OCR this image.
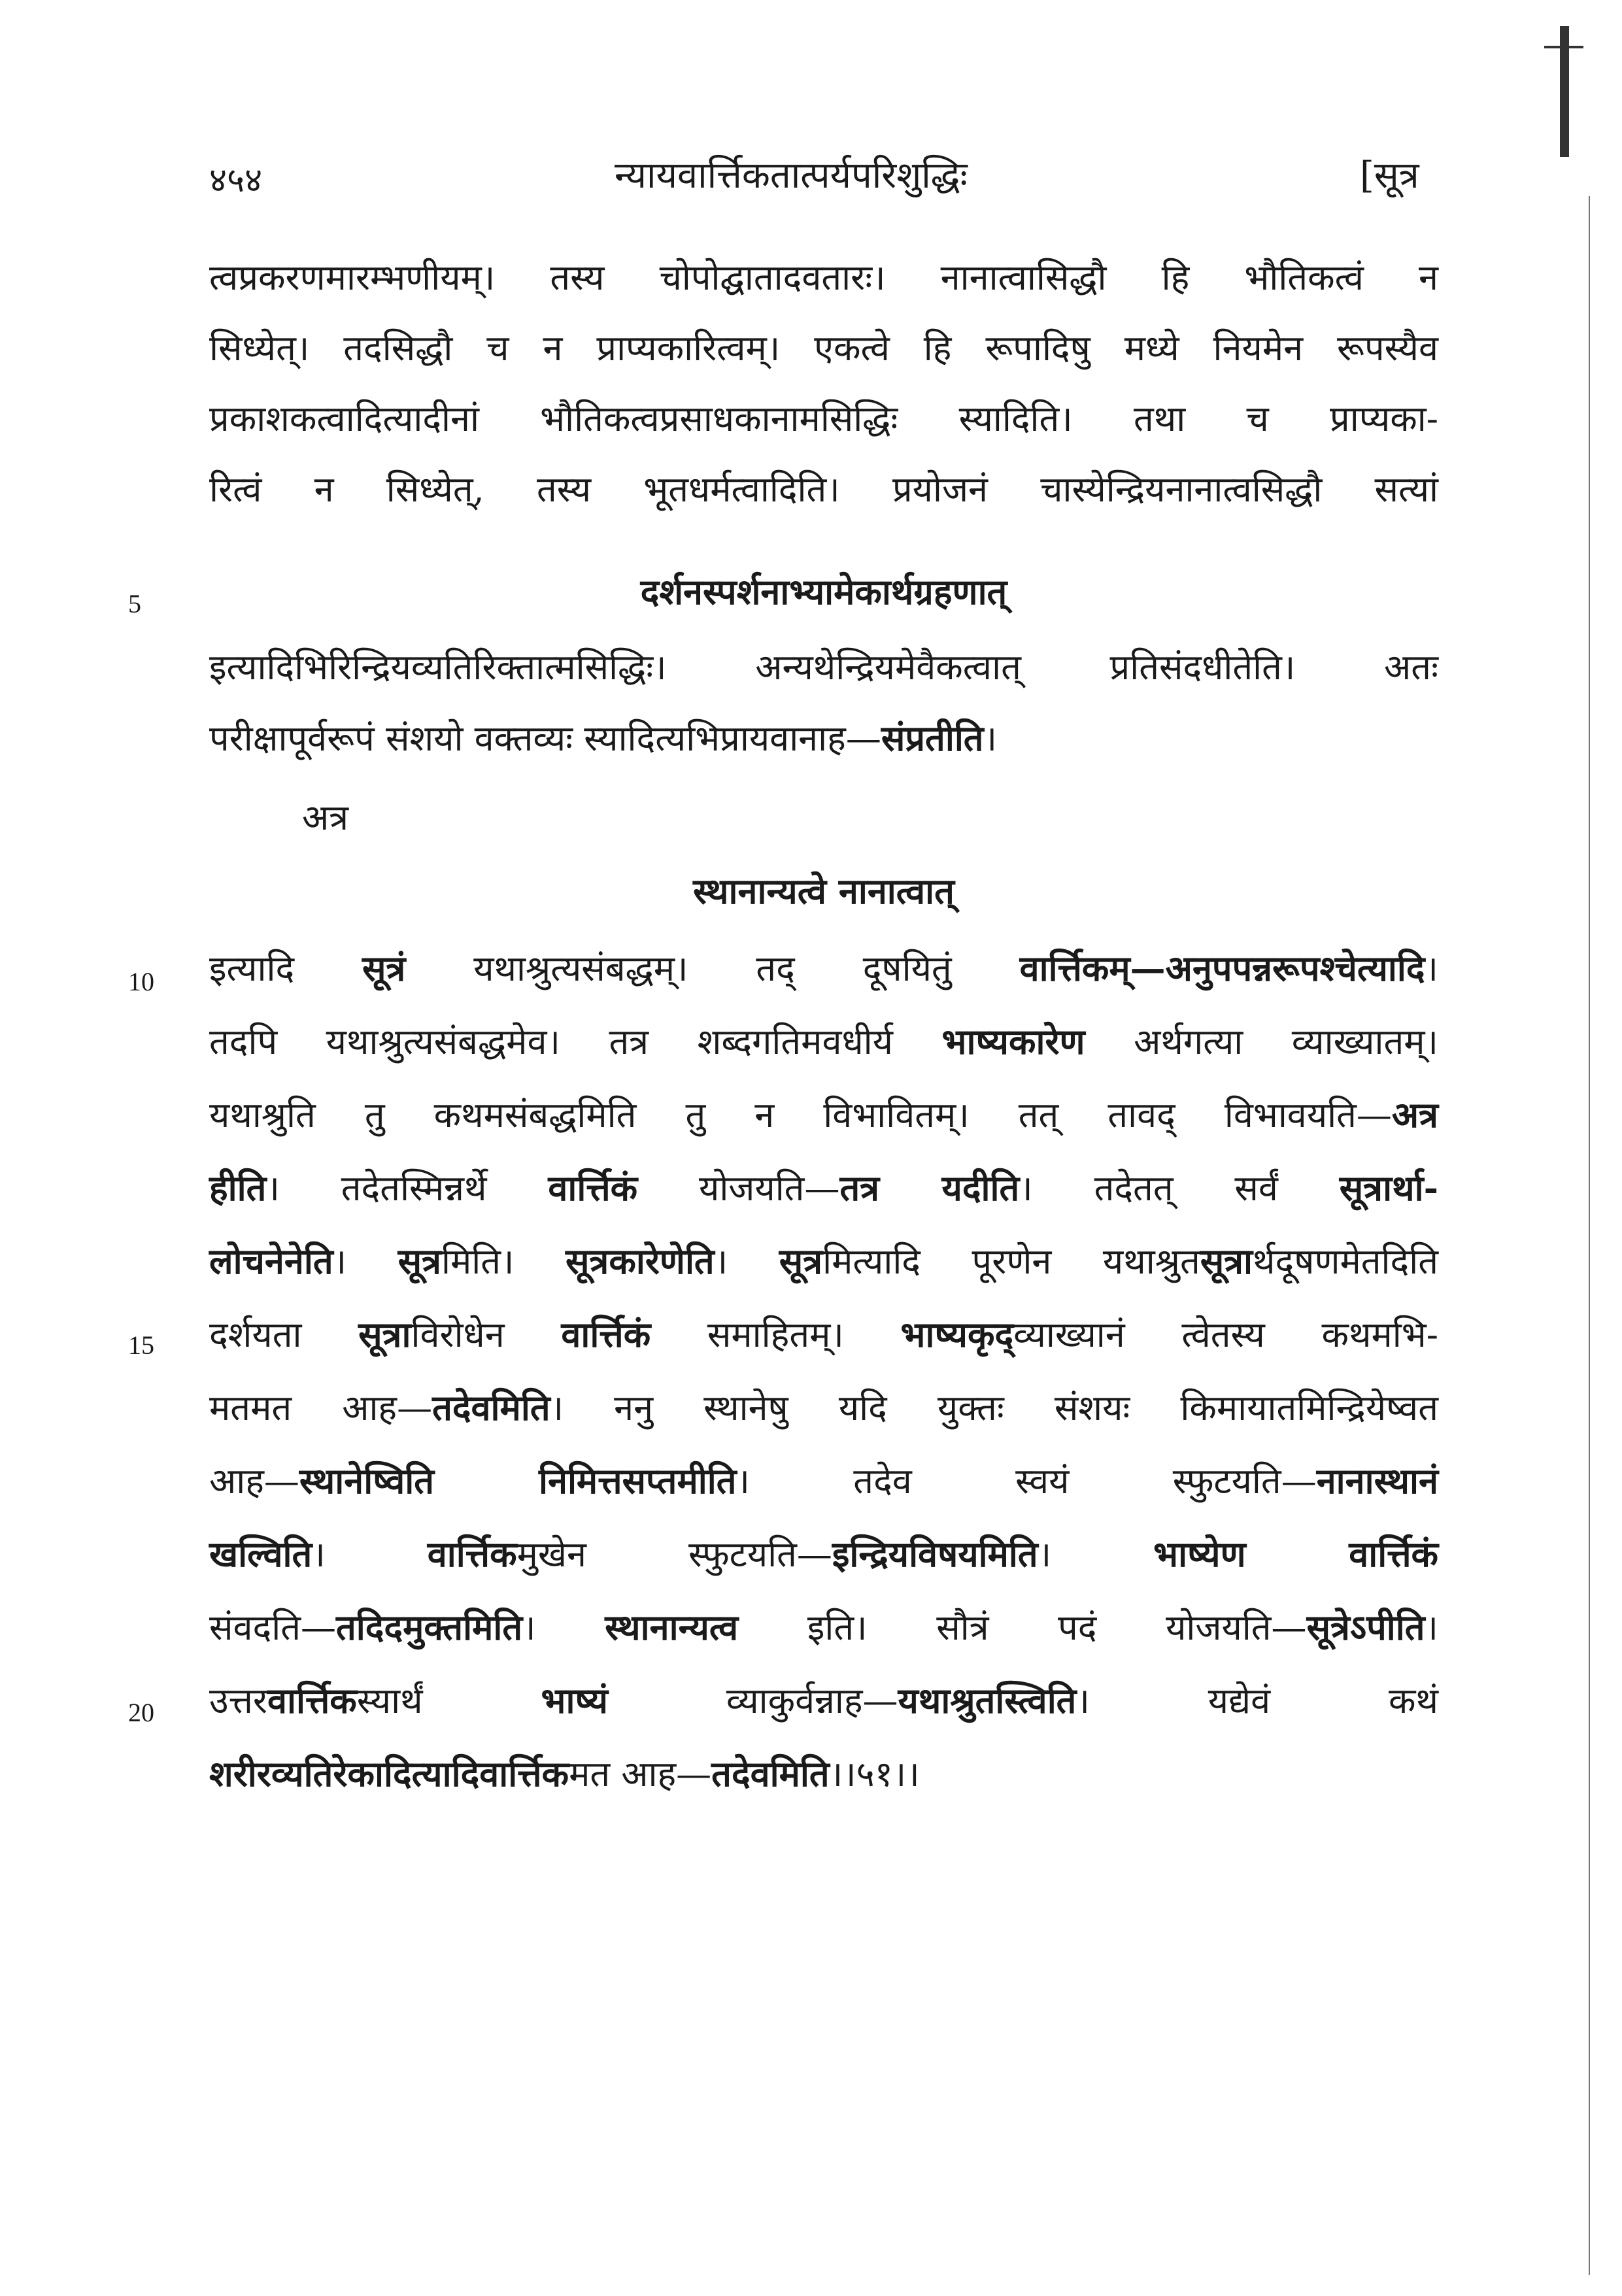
४५४	न्यायवार्त्तिकतात्पर्यपरिशुद्धिः	[सूत्र
त्वप्रकरणमारम्भणीयम्। तस्य चोपोद्घातादवतारः। नानात्वासिद्धौ हि भौतिकत्वं न
सिध्येत्। तदसिद्धौ च न प्राप्यकारित्वम्। एकत्वे हि रूपादिषु मध्ये नियमेन रूपस्यैव
प्रकाशकत्वादित्यादीनां भौतिकत्वप्रसाधकानामसिद्धिः स्यादिति। तथा च प्राप्यका-
रित्वं न सिध्येत्, तस्य भूतधर्मत्वादिति। प्रयोजनं चास्येन्द्रियनानात्वसिद्धौ सत्यां
5	दर्शनस्पर्शनाभ्यामेकार्थग्रहणात्
इत्यादिभिरिन्द्रियव्यतिरिक्तात्मसिद्धिः। अन्यथेन्द्रियमेवैकत्वात् प्रतिसंदधीतेति। अतः
परीक्षापूर्वरूपं संशयो वक्तव्यः स्यादित्यभिप्रायवानाह—संप्रतीति।
अत्र
स्थानान्यत्वे नानात्वात्
10 इत्यादि सूत्रं यथाश्रुत्यसंबद्धम्। तद् दूषयितुं वार्त्तिकम्—अनुपपन्नरूपश्चेत्यादि।
तदपि यथाश्रुत्यसंबद्धमेव। तत्र शब्दगतिमवधीर्य भाष्यकारेण अर्थगत्या व्याख्यातम्।
यथाश्रुति तु कथमसंबद्धमिति तु न विभावितम्। तत् तावद् विभावयति—अत्र
हीति। तदेतस्मिन्नर्थे वार्त्तिकं योजयति—तत्र यदीति। तदेतत् सर्वं सूत्रार्था-
लोचनेनेति। सूत्रमिति। सूत्रकारेणेति। सूत्रमित्यादि पूरणेन यथाश्रुतसूत्रार्थदूषणमेतदिति
15 दर्शयता सूत्राविरोधेन वार्त्तिकं समाहितम्। भाष्यकृद्व्याख्यानं त्वेतस्य कथमभि-
मतमत आह—तदेवमिति। ननु स्थानेषु यदि युक्तः संशयः किमायातमिन्द्रियेष्वत
आह—स्थानेष्विति निमित्तसप्तमीति। तदेव स्वयं स्फुटयति—नानास्थानं
खल्विति। वार्त्तिकमुखेन स्फुटयति—इन्द्रियविषयमिति। भाष्येण वार्त्तिकं
संवदति—तदिदमुक्तमिति। स्थानान्यत्व इति। सौत्रं पदं योजयति—सूत्रेऽपीति।
20 उत्तरवार्त्तिकस्यार्थं भाष्यं व्याकुर्वन्नाह—यथाश्रुतस्त्विति। यद्येवं कथं
शरीरव्यतिरेकादित्यादिवार्त्तिकमत आह—तदेवमिति।।५१।।
